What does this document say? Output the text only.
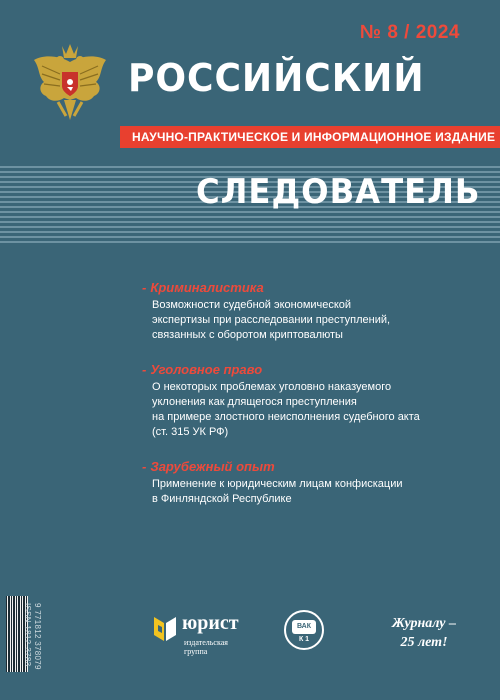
№ 8 / 2024
РОССИЙСКИЙ
НАУЧНО-ПРАКТИЧЕСКОЕ И ИНФОРМАЦИОННОЕ ИЗДАНИЕ
СЛЕДОВАТЕЛЬ
- Криминалистика
Возможности судебной экономической
экспертизы при расследовании преступлений,
связанных с оборотом криптовалюты
- Уголовное право
О некоторых проблемах уголовно наказуемого
уклонения как длящегося преступления
на примере злостного неисполнения судебного акта
(ст. 315 УК РФ)
- Зарубежный опыт
Применение к юридическим лицам конфискации
в Финляндской Республике
ISSN 1812-3783 9 771812 378079	юрист
издательская
группа
ВАК
К 1
Журналу –
25 лет!
